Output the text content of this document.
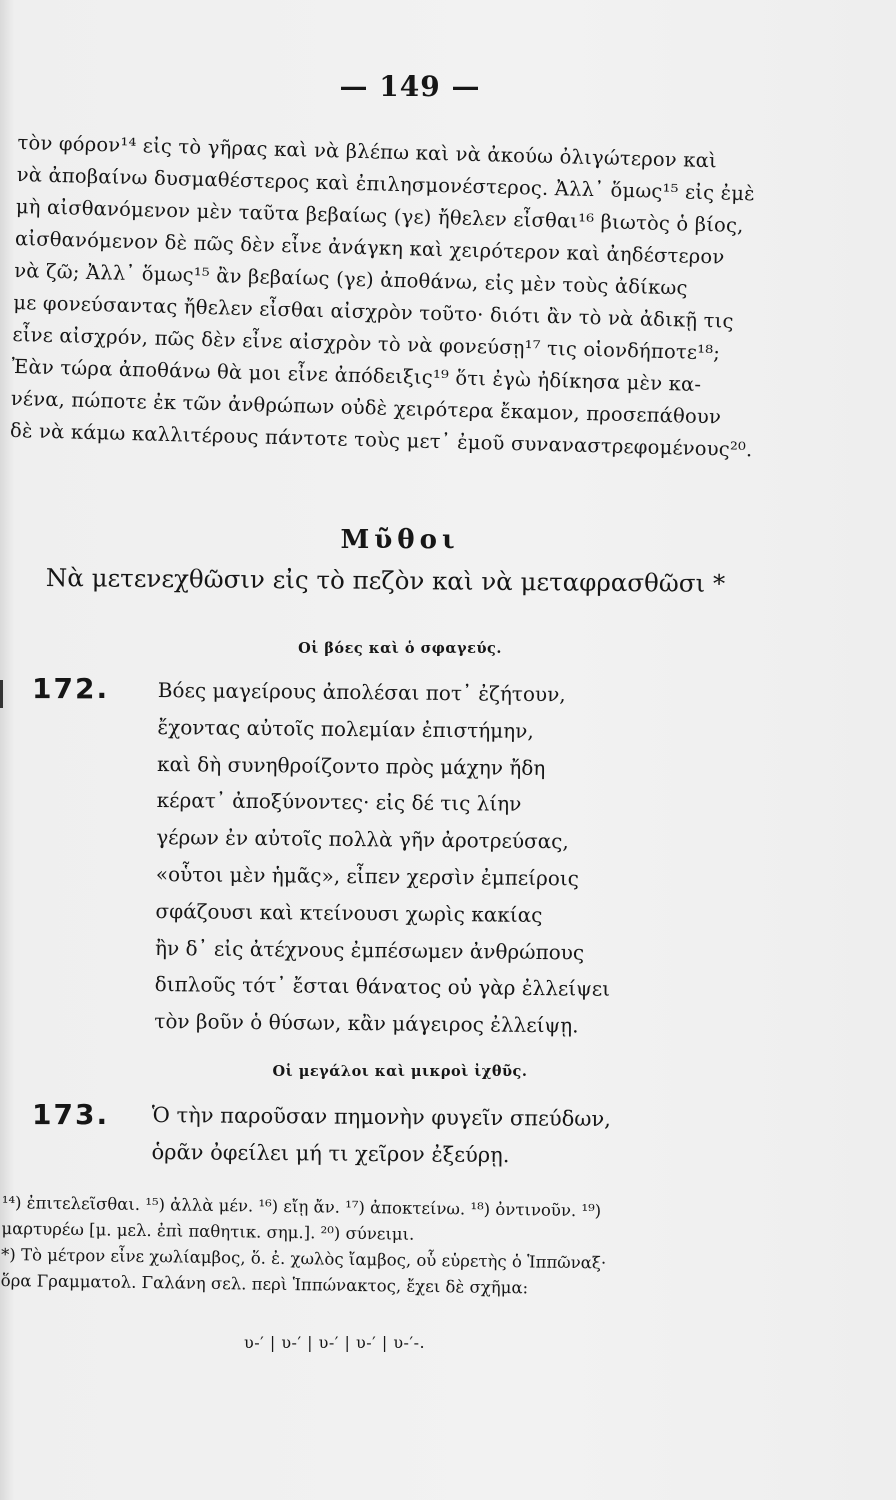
— 149 —
τὸν φόρον¹⁴ εἰς τὸ γῆρας καὶ νὰ βλέπω καὶ νὰ ἀκούω ὀλιγώτερον καὶ
νὰ ἀποβαίνω δυσμαθέστερος καὶ ἐπιλησμονέστερος. Ἀλλ᾽ ὅμως¹⁵ εἰς ἐμὲ
μὴ αἰσθανόμενον μὲν ταῦτα βεβαίως (γε) ἤθελεν εἶσθαι¹⁶ βιωτὸς ὁ βίος,
αἰσθανόμενον δὲ πῶς δὲν εἶνε ἀνάγκη καὶ χειρότερον καὶ ἀηδέστερον
νὰ ζῶ; Ἀλλ᾽ ὅμως¹⁵ ἂν βεβαίως (γε) ἀποθάνω, εἰς μὲν τοὺς ἀδίκως
με φονεύσαντας ἤθελεν εἶσθαι αἰσχρὸν τοῦτο· διότι ἂν τὸ νὰ ἀδικῇ τις
εἶνε αἰσχρόν, πῶς δὲν εἶνε αἰσχρὸν τὸ νὰ φονεύσῃ¹⁷ τις οἱονδήποτε¹⁸;
Ἐὰν τώρα ἀποθάνω θὰ μοι εἶνε ἀπόδειξις¹⁹ ὅτι ἐγὼ ἠδίκησα μὲν κα-
νένα, πώποτε ἐκ τῶν ἀνθρώπων οὐδὲ χειρότερα ἔκαμον, προσεπάθουν
δὲ νὰ κάμω καλλιτέρους πάντοτε τοὺς μετ᾽ ἐμοῦ συναναστρεφομένους²⁰.
Μῦθοι
Νὰ μετενεχθῶσιν εἰς τὸ πεζὸν καὶ νὰ μεταφρασθῶσι *
Οἱ βόες καὶ ὁ σφαγεύς.
172. Βόες μαγείρους ἀπολέσαι ποτ᾽ ἐζήτουν,
ἔχοντας αὐτοῖς πολεμίαν ἐπιστήμην,
καὶ δὴ συνηθροίζοντο πρὸς μάχην ἤδη
κέρατ᾽ ἀποξύνοντες· εἰς δέ τις λίην
γέρων ἐν αὐτοῖς πολλὰ γῆν ἀροτρεύσας,
«οὗτοι μὲν ἡμᾶς», εἶπεν χερσὶν ἐμπείροις
σφάζουσι καὶ κτείνουσι χωρὶς κακίας
ἢν δ᾽ εἰς ἀτέχνους ἐμπέσωμεν ἀνθρώπους
διπλοῦς τότ᾽ ἔσται θάνατος οὐ γὰρ ἐλλείψει
τὸν βοῦν ὁ θύσων, κἂν μάγειρος ἐλλείψῃ.
Οἱ μεγάλοι καὶ μικροὶ ἰχθῦς.
173. Ὁ τὴν παροῦσαν πημονὴν φυγεῖν σπεύδων,
ὁρᾶν ὀφείλει μή τι χεῖρον ἐξεύρῃ.
¹⁴) ἐπιτελεῖσθαι. ¹⁵) ἀλλὰ μέν. ¹⁶) εἴῃ ἄν. ¹⁷) ἀποκτείνω. ¹⁸) ὀντινοῦν. ¹⁹)
μαρτυρέω [μ. μελ. ἐπὶ παθητικ. σημ.]. ²⁰) σύνειμι.
*) Τὸ μέτρον εἶνε χωλίαμβος, ὅ. ἐ. χωλὸς ἴαμβος, οὗ εὑρετὴς ὁ Ἱππῶναξ·
ὅρα Γραμματολ. Γαλάνη σελ. περὶ Ἱππώνακτος, ἔχει δὲ σχῆμα:
υ-′ | υ-′ | υ-′ | υ-′ | υ-′-.
